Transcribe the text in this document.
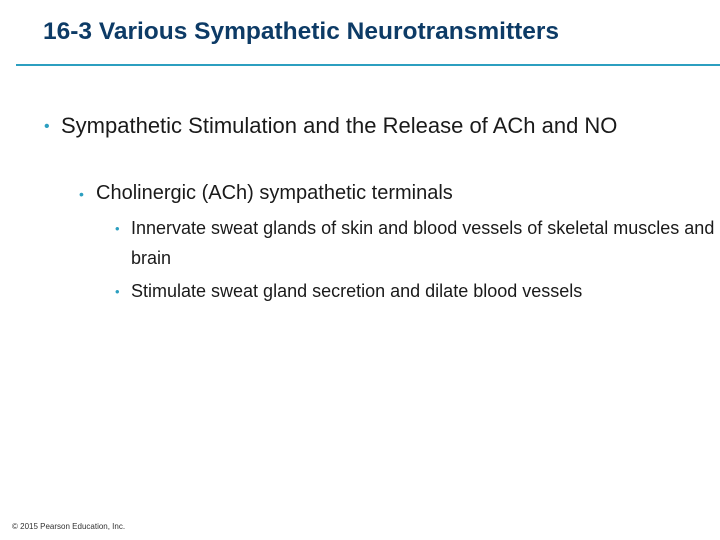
16-3 Various Sympathetic Neurotransmitters

• Sympathetic Stimulation and the Release of ACh and NO

• Cholinergic (ACh) sympathetic terminals

• Innervate sweat glands of skin and blood vessels of skeletal muscles and brain

• Stimulate sweat gland secretion and dilate blood vessels

© 2015 Pearson Education, Inc.
